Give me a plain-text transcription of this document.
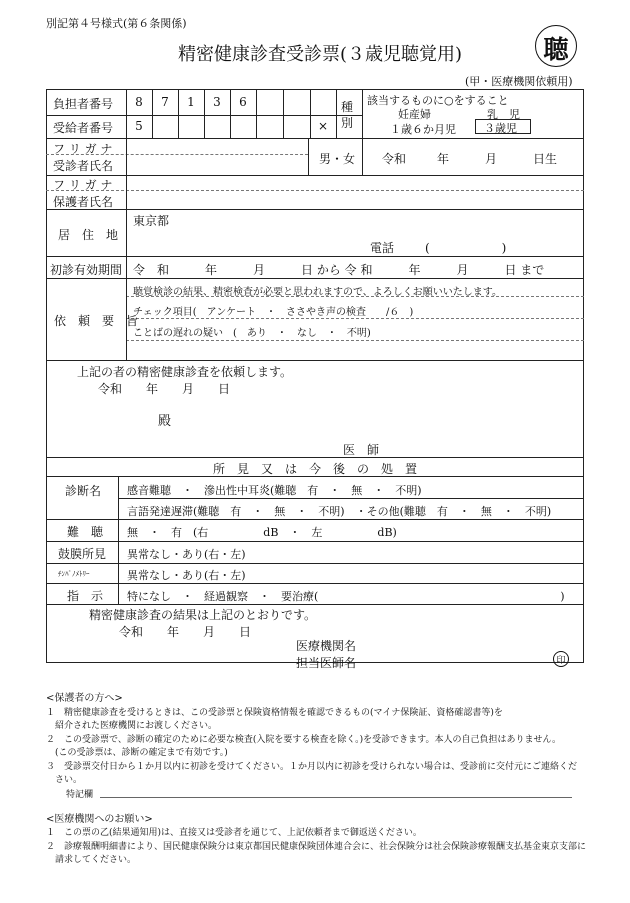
別記第４号様式(第６条関係)
精密健康診査受診票(３歳児聴覚用)	聴
(甲・医療機関依頼用)
負担者番号	8	7	1	3	6
受給者番号	5	×
種別
該当するものに○をすること
妊産婦	乳　児
１歳６か月児	３歳児
フ リ ガ ナ
受診者氏名	男・女 令和	年	月	日生
フ リ ガ ナ
保護者氏名
居　住　地
東京都
電話	(　　　　　　)
初診有効期間 令　和　　　年　　　月　　　日 から 令 和　　　年　　　月　　　日 まで
依　頼　要　旨
聴覚検診の結果、精密検査が必要と思われますので、よろしくお願いいたします。
チェック項目(　アンケート　・　ささやき声の検査　　/６　)
ことばの遅れの疑い　(　あり　・　なし　・　不明)
上記の者の精密健康診査を依頼します。
令和　　年　　月　　日
殿
医　師
所　見　又　は　今　後　の　処　置
診断名 感音難聴　・　滲出性中耳炎(難聴　有　・　無　・　不明)
言語発達遅滞(難聴　有　・　無　・　不明)　・その他(難聴　有　・　無　・　不明)
難　聴 無　・　有　(右　　　　　dB　・　左　　　　　dB)
鼓膜所見 異常なし・あり(右・左)
ﾁﾝﾊﾟﾉﾒﾄﾘｰ	異常なし・あり(右・左)
指　示 特になし　・　経過観察　・　要治療(　　　　　　　　　　　　　　　　　　　　　　)
精密健康診査の結果は上記のとおりです。
令和　　年　　月　　日
医療機関名
担当医師名	印
<保護者の方へ>
１　精密健康診査を受けるときは、この受診票と保険資格情報を確認できるもの(マイナ保険証、資格確認書等)を
紹介された医療機関にお渡しください。
２　この受診票で、診断の確定のために必要な検査(入院を要する検査を除く。)を受診できます。本人の自己負担はありません。
(この受診票は、診断の確定まで有効です。)
３　受診票交付日から１か月以内に初診を受けてください。１か月以内に初診を受けられない場合は、受診前に交付元にご連絡くだ
さい。
特記欄
<医療機関へのお願い>
１　この票の乙(結果通知用)は、直接又は受診者を通じて、上記依頼者まで御返送ください。
２　診療報酬明細書により、国民健康保険分は東京都国民健康保険団体連合会に、社会保険分は社会保険診療報酬支払基金東京支部に
請求してください。
